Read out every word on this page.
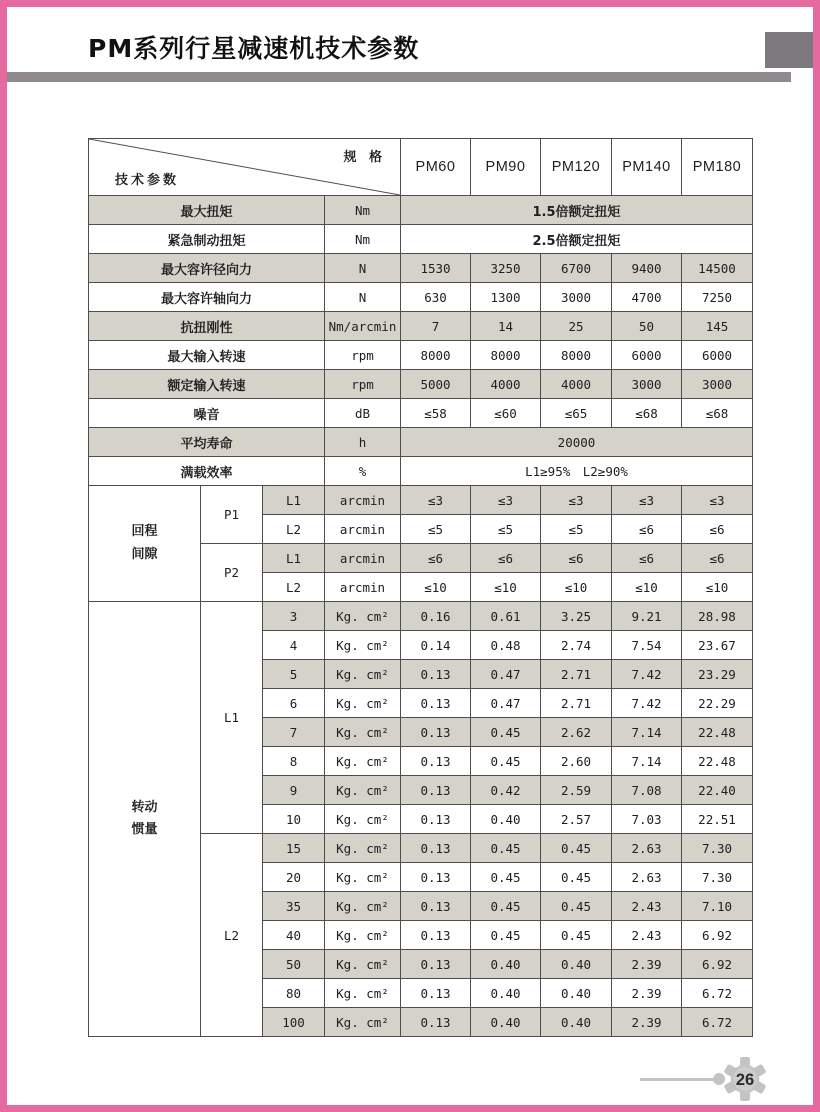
PM系列行星减速机技术参数
规 格
技术参数				PM60	PM90	PM120	PM140	PM180
最大扭矩			Nm	1.5倍额定扭矩				
紧急制动扭矩			Nm	2.5倍额定扭矩				
最大容许径向力			N	1530	3250	6700	9400	14500
最大容许轴向力			N	630	1300	3000	4700	7250
抗扭刚性			Nm/arcmin	7	14	25	50	145
最大输入转速			rpm	8000	8000	8000	6000	6000
额定输入转速			rpm	5000	4000	4000	3000	3000
噪音			dB	≤58	≤60	≤65	≤68	≤68
平均寿命			h	20000				
满载效率			%	L1≥95%　L2≥90%				

回程
间隙	P1	L1	arcmin	≤3	≤3	≤3	≤3	≤3
		L2	arcmin	≤5	≤5	≤5	≤6	≤6
	P2	L1	arcmin	≤6	≤6	≤6	≤6	≤6
		L2	arcmin	≤10	≤10	≤10	≤10	≤10

转动
惯量	L1	3	Kg. cm²	0.16	0.61	3.25	9.21	28.98
		4	Kg. cm²	0.14	0.48	2.74	7.54	23.67
		5	Kg. cm²	0.13	0.47	2.71	7.42	23.29
		6	Kg. cm²	0.13	0.47	2.71	7.42	22.29
		7	Kg. cm²	0.13	0.45	2.62	7.14	22.48
		8	Kg. cm²	0.13	0.45	2.60	7.14	22.48
		9	Kg. cm²	0.13	0.42	2.59	7.08	22.40
		10	Kg. cm²	0.13	0.40	2.57	7.03	22.51
	L2	15	Kg. cm²	0.13	0.45	0.45	2.63	7.30
		20	Kg. cm²	0.13	0.45	0.45	2.63	7.30
		35	Kg. cm²	0.13	0.45	0.45	2.43	7.10
		40	Kg. cm²	0.13	0.45	0.45	2.43	6.92
		50	Kg. cm²	0.13	0.40	0.40	2.39	6.92
		80	Kg. cm²	0.13	0.40	0.40	2.39	6.72
		100	Kg. cm²	0.13	0.40	0.40	2.39	6.72
26
